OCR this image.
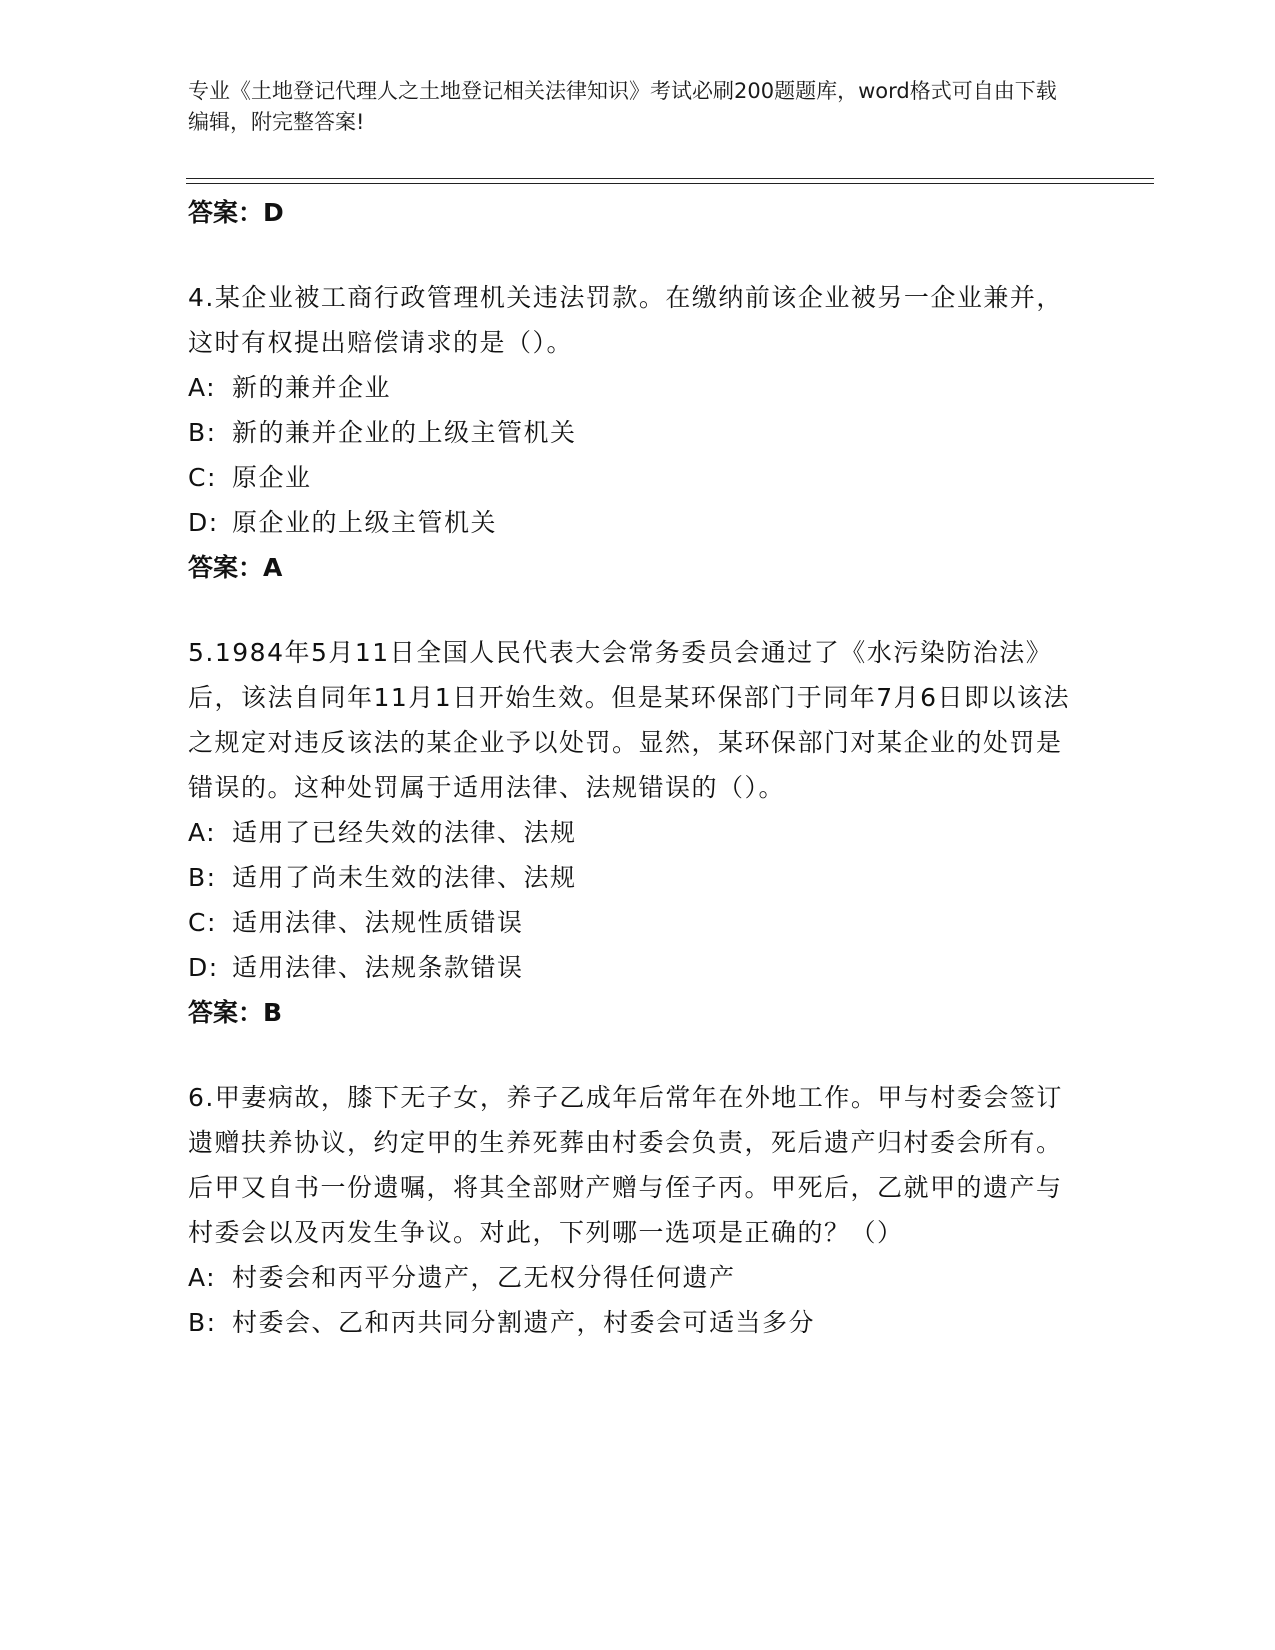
专业《土地登记代理人之土地登记相关法律知识》考试必刷200题题库，word格式可自由下载编辑，附完整答案!
答案：D
4.某企业被工商行政管理机关违法罚款。在缴纳前该企业被另一企业兼并，这时有权提出赔偿请求的是（）。
A: 新的兼并企业
B: 新的兼并企业的上级主管机关
C: 原企业
D: 原企业的上级主管机关
答案：A
5.1984年5月11日全国人民代表大会常务委员会通过了《水污染防治法》后，该法自同年11月1日开始生效。但是某环保部门于同年7月6日即以该法之规定对违反该法的某企业予以处罚。显然，某环保部门对某企业的处罚是错误的。这种处罚属于适用法律、法规错误的（）。
A: 适用了已经失效的法律、法规
B: 适用了尚未生效的法律、法规
C: 适用法律、法规性质错误
D: 适用法律、法规条款错误
答案：B
6.甲妻病故，膝下无子女，养子乙成年后常年在外地工作。甲与村委会签订遗赠扶养协议，约定甲的生养死葬由村委会负责，死后遗产归村委会所有。后甲又自书一份遗嘱，将其全部财产赠与侄子丙。甲死后，乙就甲的遗产与村委会以及丙发生争议。对此，下列哪一选项是正确的？（）
A: 村委会和丙平分遗产，乙无权分得任何遗产
B: 村委会、乙和丙共同分割遗产，村委会可适当多分
